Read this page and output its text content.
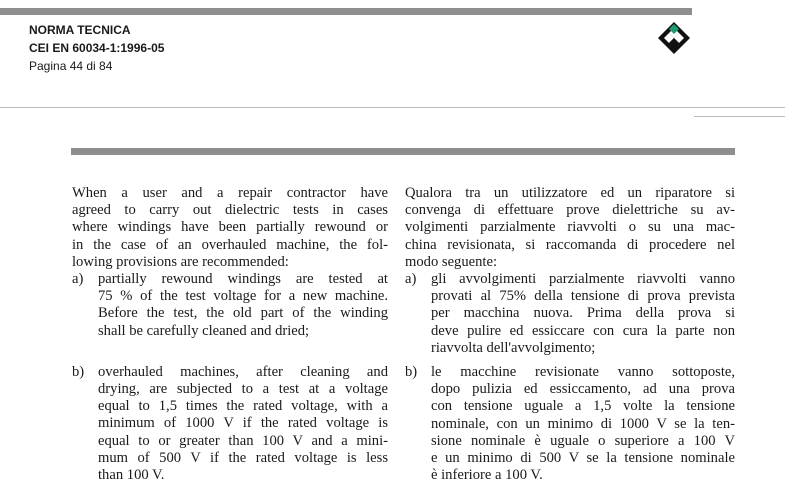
NORMA TECNICA
CEI EN 60034-1:1996-05
Pagina 44 di 84
When a user and a repair contractor have
agreed to carry out dielectric tests in cases
where windings have been partially rewound or
in the case of an overhauled machine, the fol-
lowing provisions are recommended:
a) partially rewound windings are tested at
75 % of the test voltage for a new machine.
Before the test, the old part of the winding
shall be carefully cleaned and dried;
b) overhauled machines, after cleaning and
drying, are subjected to a test at a voltage
equal to 1,5 times the rated voltage, with a
minimum of 1000 V if the rated voltage is
equal to or greater than 100 V and a mini-
mum of 500 V if the rated voltage is less
than 100 V.
Qualora tra un utilizzatore ed un riparatore si
convenga di effettuare prove dielettriche su av-
volgimenti parzialmente riavvolti o su una mac-
china revisionata, si raccomanda di procedere nel
modo seguente:
a) gli avvolgimenti parzialmente riavvolti vanno
provati al 75% della tensione di prova prevista
per macchina nuova. Prima della prova si
deve pulire ed essiccare con cura la parte non
riavvolta dell'avvolgimento;
b) le macchine revisionate vanno sottoposte,
dopo pulizia ed essiccamento, ad una prova
con tensione uguale a 1,5 volte la tensione
nominale, con un minimo di 1000 V se la ten-
sione nominale è uguale o superiore a 100 V
e un minimo di 500 V se la tensione nominale
è inferiore a 100 V.
